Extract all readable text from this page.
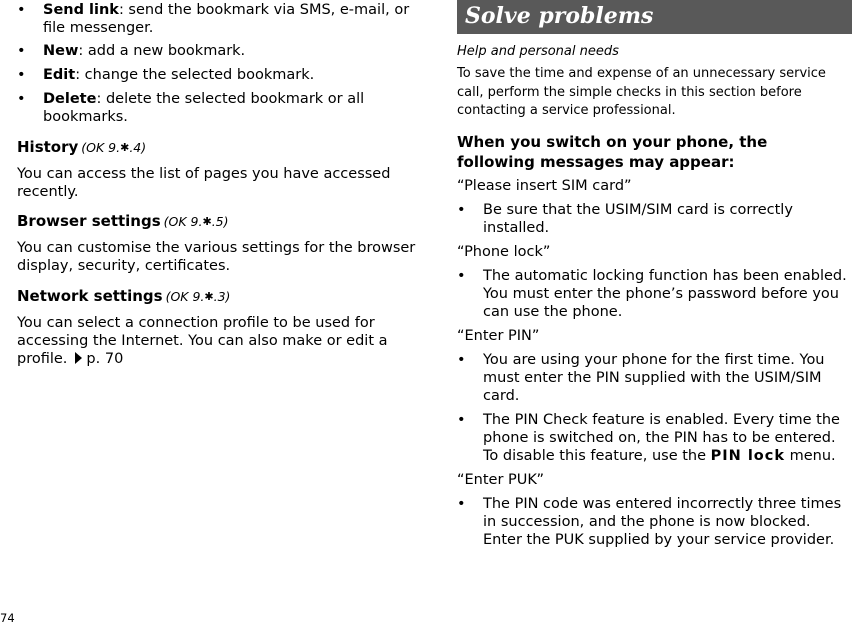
• Send link: send the bookmark via SMS, e-mail, or file messenger.
• New: add a new bookmark.
• Edit: change the selected bookmark.
• Delete: delete the selected bookmark or all bookmarks.

History (OK 9.✱.4)

You can access the list of pages you have accessed recently.

Browser settings (OK 9.✱.5)

You can customise the various settings for the browser display, security, certificates.

Network settings (OK 9.✱.3)

You can select a connection profile to be used for accessing the Internet. You can also make or edit a profile. p. 70

Solve problems

Help and personal needs

To save the time and expense of an unnecessary service call, perform the simple checks in this section before contacting a service professional.

When you switch on your phone, the following messages may appear:

“Please insert SIM card”

• Be sure that the USIM/SIM card is correctly installed.

“Phone lock”

• The automatic locking function has been enabled. You must enter the phone’s password before you can use the phone.

“Enter PIN”

• You are using your phone for the first time. You must enter the PIN supplied with the USIM/SIM card.
• The PIN Check feature is enabled. Every time the phone is switched on, the PIN has to be entered. To disable this feature, use the PIN lock menu.

“Enter PUK”

• The PIN code was entered incorrectly three times in succession, and the phone is now blocked. Enter the PUK supplied by your service provider.
74
